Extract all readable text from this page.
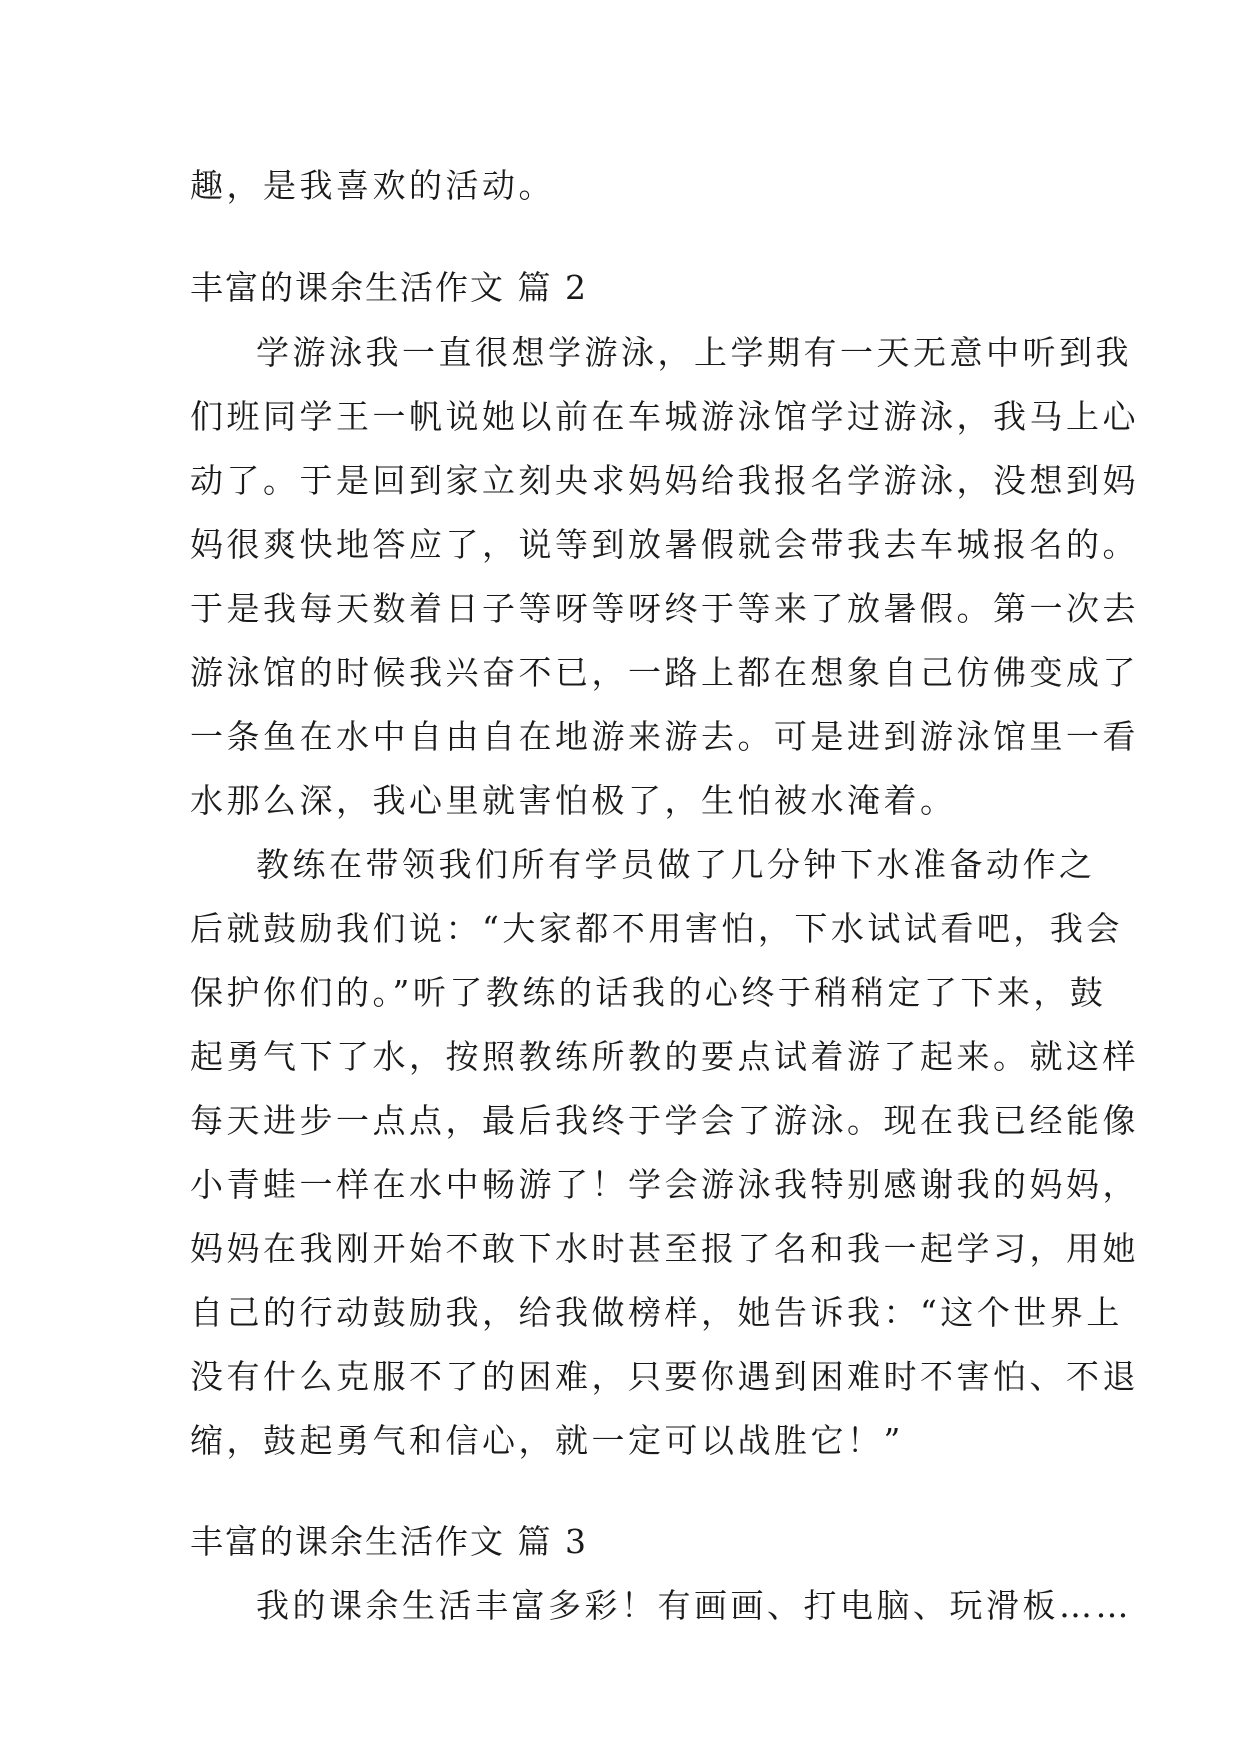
趣，是我喜欢的活动。
丰富的课余生活作文 篇 2
学游泳我一直很想学游泳，上学期有一天无意中听到我
们班同学王一帆说她以前在车城游泳馆学过游泳，我马上心
动了。于是回到家立刻央求妈妈给我报名学游泳，没想到妈
妈很爽快地答应了，说等到放暑假就会带我去车城报名的。
于是我每天数着日子等呀等呀终于等来了放暑假。第一次去
游泳馆的时候我兴奋不已，一路上都在想象自己仿佛变成了
一条鱼在水中自由自在地游来游去。可是进到游泳馆里一看
水那么深，我心里就害怕极了，生怕被水淹着。
教练在带领我们所有学员做了几分钟下水准备动作之
后就鼓励我们说：“大家都不用害怕，下水试试看吧，我会
保护你们的。”听了教练的话我的心终于稍稍定了下来，鼓
起勇气下了水，按照教练所教的要点试着游了起来。就这样
每天进步一点点，最后我终于学会了游泳。现在我已经能像
小青蛙一样在水中畅游了！学会游泳我特别感谢我的妈妈，
妈妈在我刚开始不敢下水时甚至报了名和我一起学习，用她
自己的行动鼓励我，给我做榜样，她告诉我：“这个世界上
没有什么克服不了的困难，只要你遇到困难时不害怕、不退
缩，鼓起勇气和信心，就一定可以战胜它！”
丰富的课余生活作文 篇 3
我的课余生活丰富多彩！有画画、打电脑、玩滑板……
